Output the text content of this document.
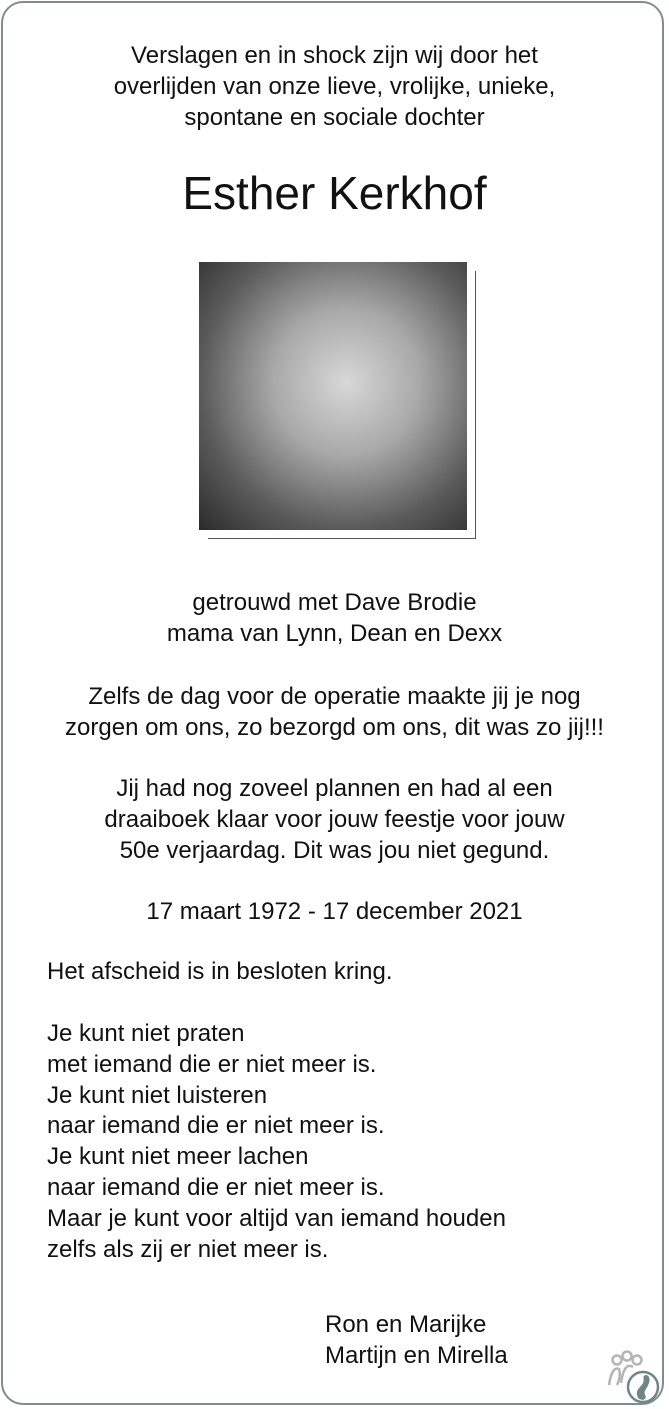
Verslagen en in shock zijn wij door het
overlijden van onze lieve, vrolijke, unieke,
spontane en sociale dochter
Esther Kerkhof
getrouwd met Dave Brodie
mama van Lynn, Dean en Dexx
Zelfs de dag voor de operatie maakte jij je nog
zorgen om ons, zo bezorgd om ons, dit was zo jij!!!
Jij had nog zoveel plannen en had al een
draaiboek klaar voor jouw feestje voor jouw
50e verjaardag. Dit was jou niet gegund.
17 maart 1972 - 17 december 2021
Het afscheid is in besloten kring.
Je kunt niet praten
met iemand die er niet meer is.
Je kunt niet luisteren
naar iemand die er niet meer is.
Je kunt niet meer lachen
naar iemand die er niet meer is.
Maar je kunt voor altijd van iemand houden
zelfs als zij er niet meer is.
Ron en Marijke
Martijn en Mirella
